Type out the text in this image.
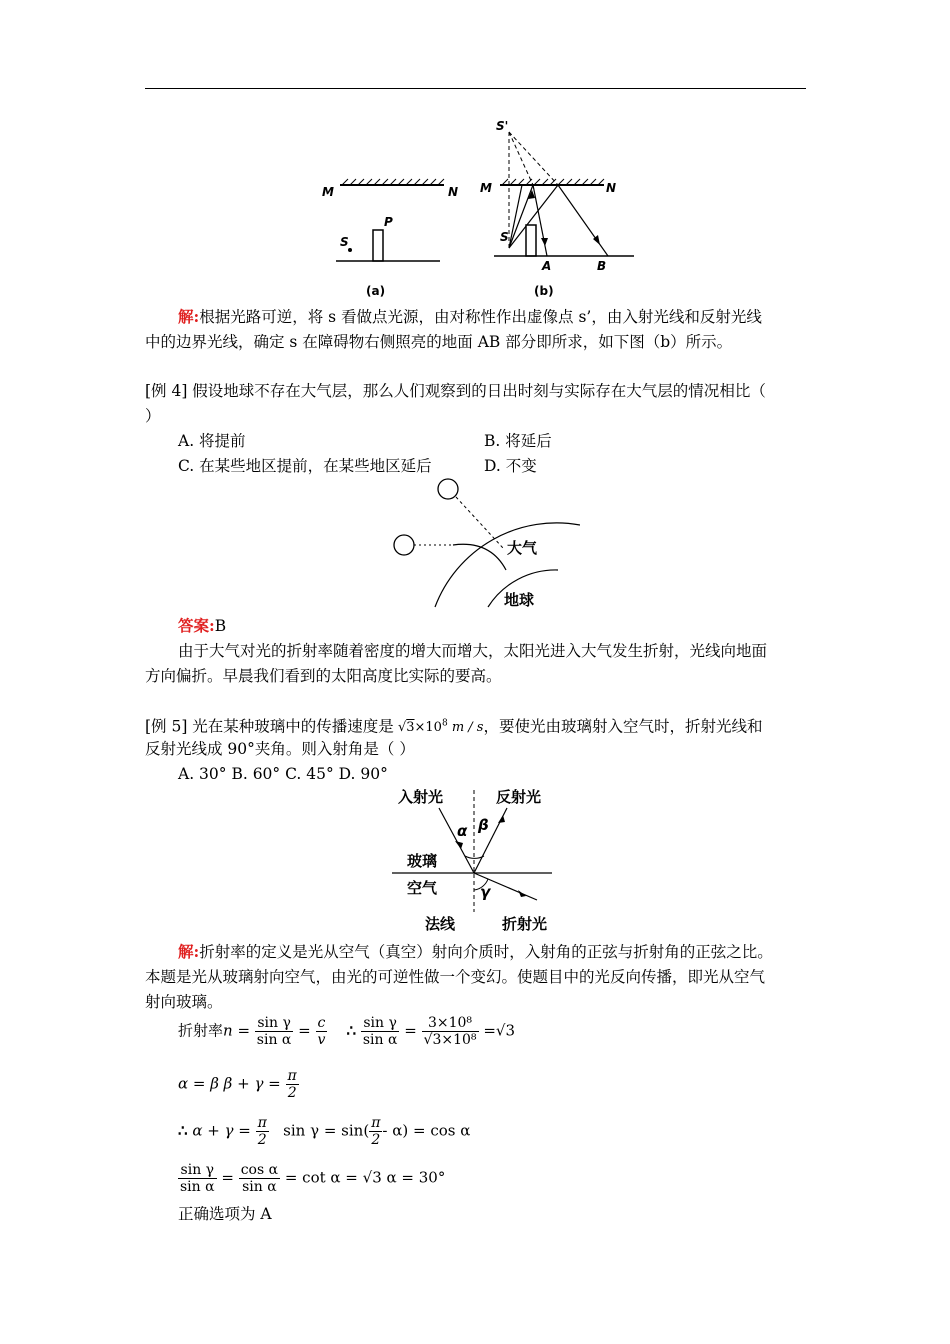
M	N
P
S
(a)
S'
M	N
S
A	B
(b)
解:根据光路可逆，将 s 看做点光源，由对称性作出虚像点 s’，由入射光线和反射光线
中的边界光线，确定 s 在障碍物右侧照亮的地面 AB 部分即所求，如下图（b）所示。
[例 4] 假设地球不存在大气层，那么人们观察到的日出时刻与实际存在大气层的情况相比（
）
A. 将提前	B. 将延后
C. 在某些地区提前，在某些地区延后	D. 不变
大气
地球
答案:B
由于大气对光的折射率随着密度的增大而增大，太阳光进入大气发生折射，光线向地面
方向偏折。早晨我们看到的太阳高度比实际的要高。
[例 5] 光在某种玻璃中的传播速度是 $√3\times 10^8$ m / s，要使光由玻璃射入空气时，折射光线和
反射光线成 90°夹角。则入射角是（ ）
A. 30° B. 60° C. 45° D. 90°
入射光	反射光
α β
γ
玻璃
空气
法线	折射光
解:折射率的定义是光从空气（真空）射向介质时，入射角的正弦与折射角的正弦之比。
本题是光从玻璃射向空气，由光的可逆性做一个变幻。使题目中的光反向传播，即光从空气
射向玻璃。
折射率$n = \frac{\text{sin γ}}{\text{sin α}} = \frac{c}{v}$ ∴ $\frac{\text{sin γ}}{\text{sin α}} = \frac{\text{3×10⁸}}{\text{√3×10⁸}} =√3$
α = β $\beta + \gamma = \frac{\pi}{2}$
∴ $\alpha + \gamma = \frac{\pi}{2}$ $\sin \gamma = \sin( \frac{\pi}{2} - \alpha) = \cos \alpha$
$\frac{\text{sin γ}}{\text{sin α}} = \frac{\text{cos α}}{\text{sin α}} = \cot \alpha = √3$ α = 30°
正确选项为 A
